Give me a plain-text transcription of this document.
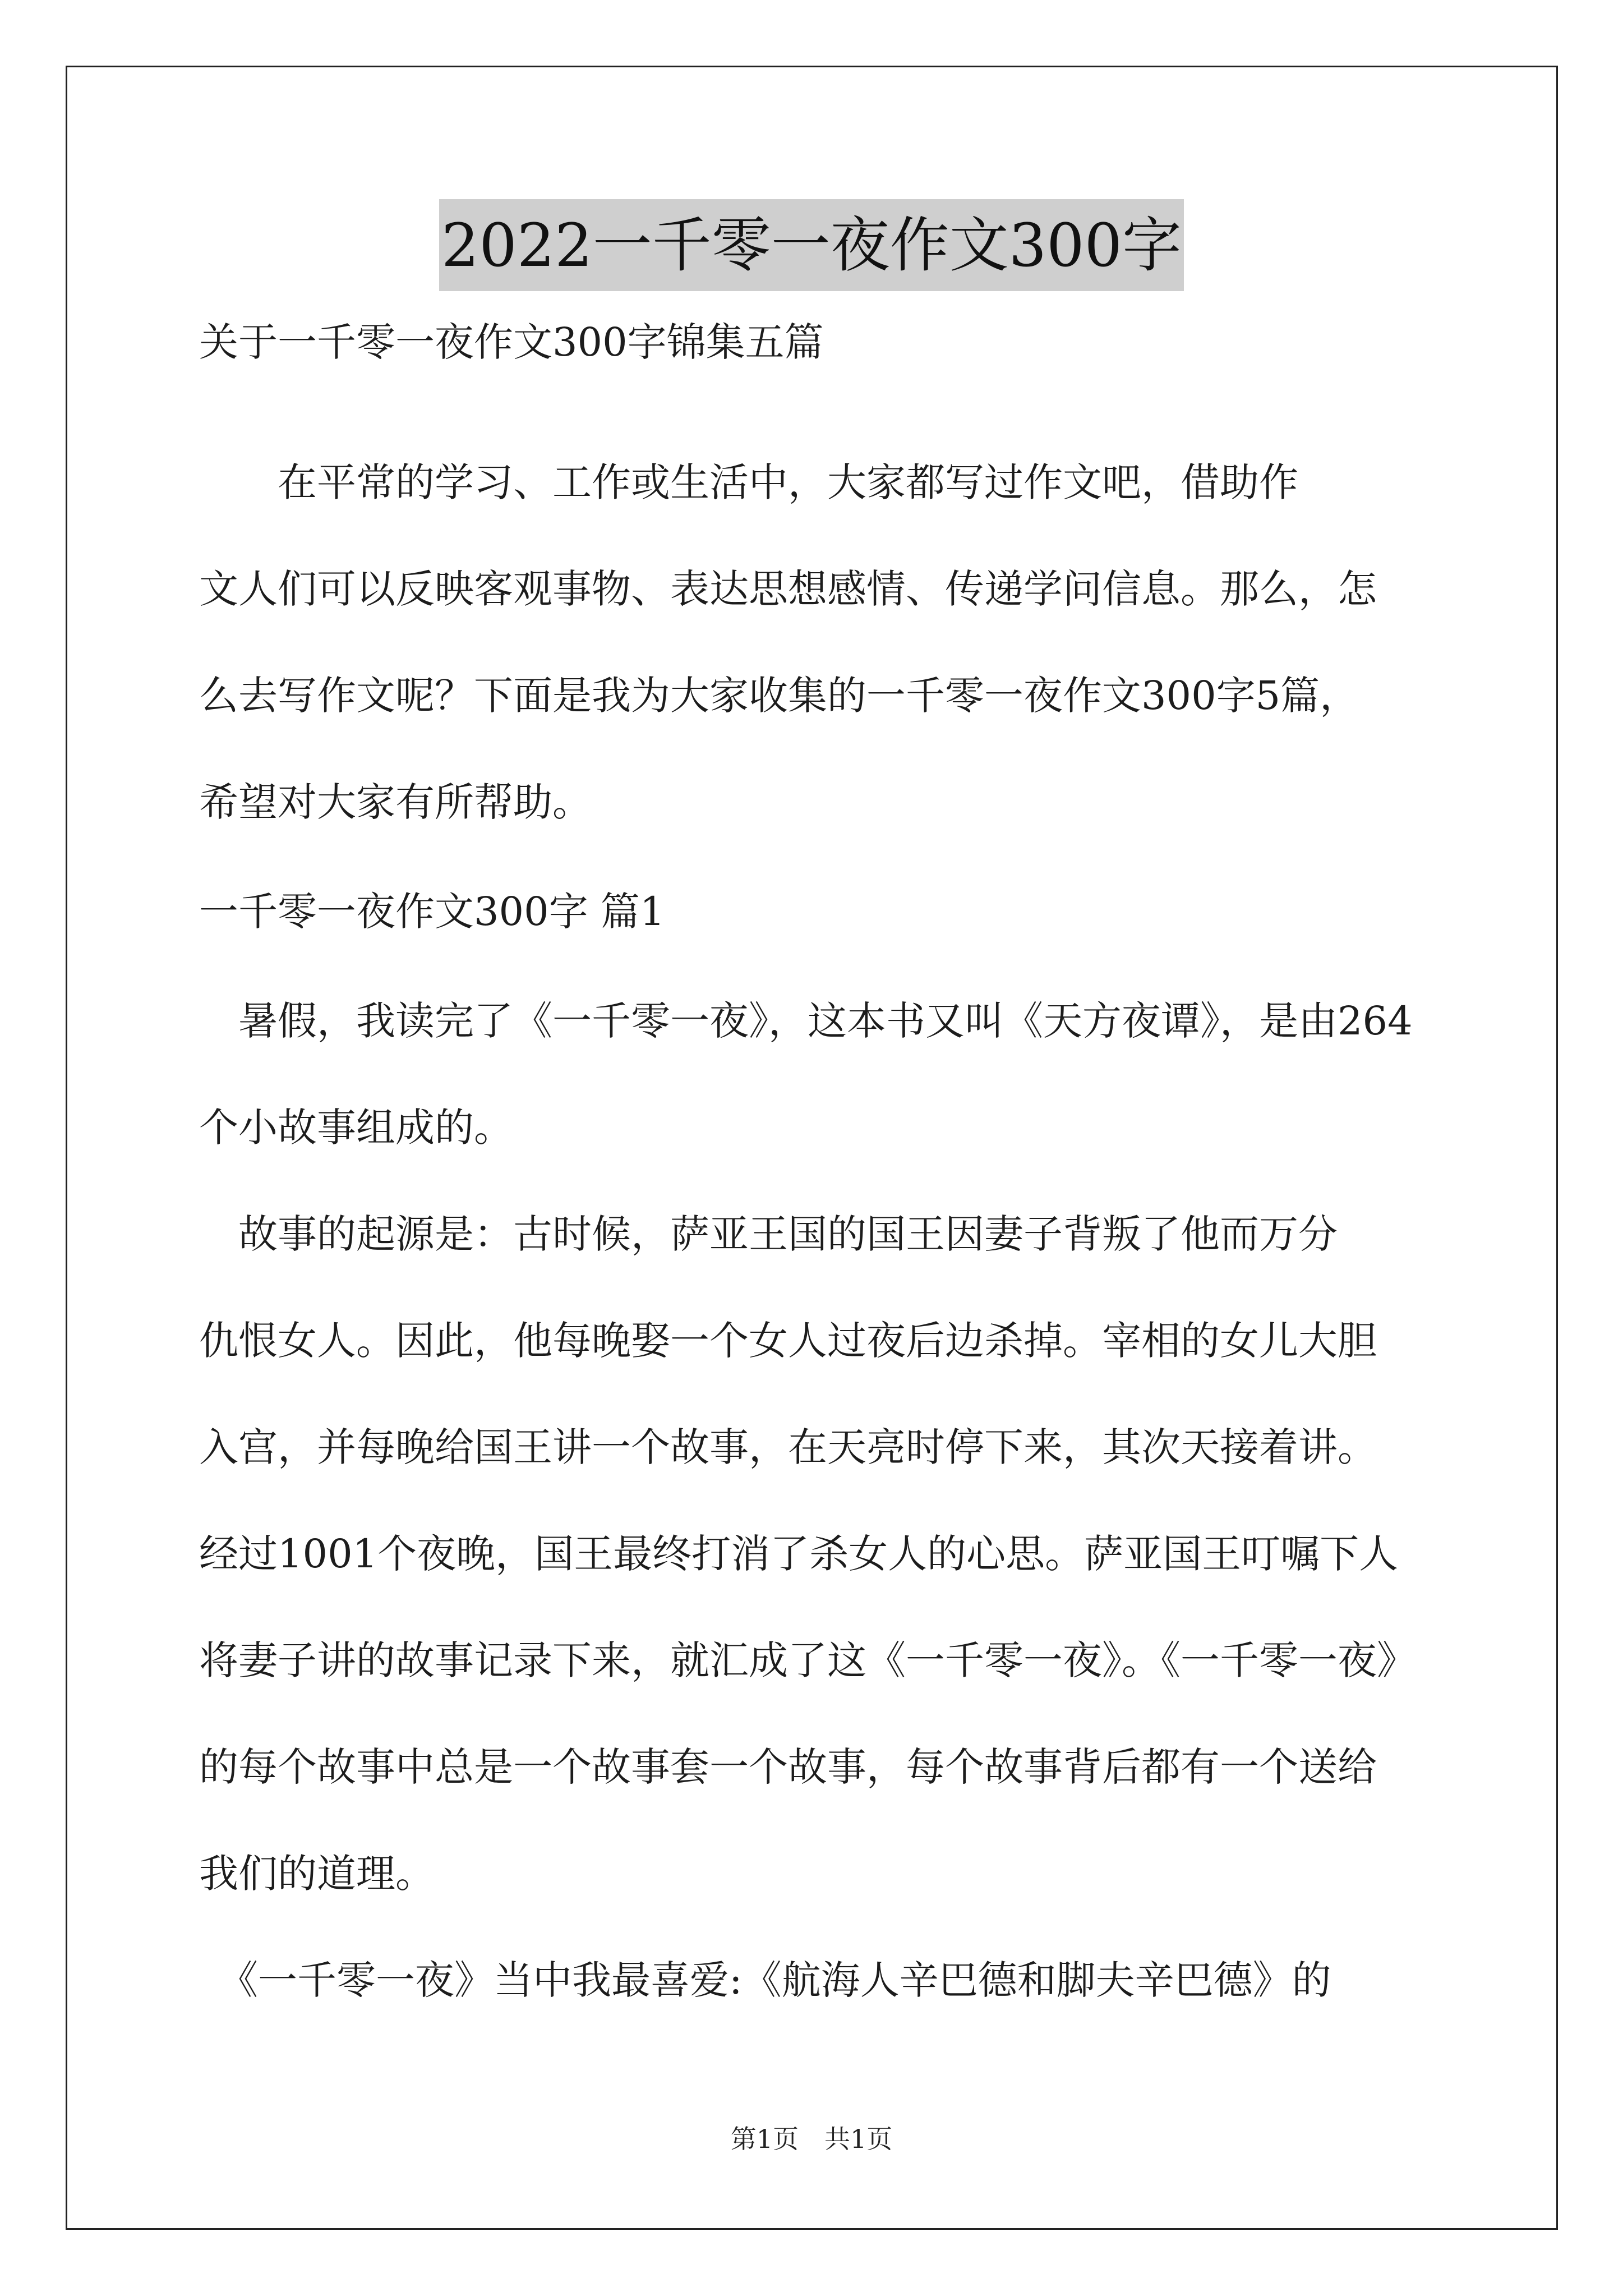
2022一千零一夜作文300字
关于一千零一夜作文300字锦集五篇
　　在平常的学习、工作或生活中，大家都写过作文吧，借助作
文人们可以反映客观事物、表达思想感情、传递学问信息。那么，怎
么去写作文呢？下面是我为大家收集的一千零一夜作文300字5篇，
希望对大家有所帮助。
一千零一夜作文300字 篇1
　暑假，我读完了《一千零一夜》，这本书又叫《天方夜谭》，是由264
个小故事组成的。
　故事的起源是：古时候，萨亚王国的国王因妻子背叛了他而万分
仇恨女人。因此，他每晚娶一个女人过夜后边杀掉。宰相的女儿大胆
入宫，并每晚给国王讲一个故事，在天亮时停下来，其次天接着讲。
经过1001个夜晚，国王最终打消了杀女人的心思。萨亚国王叮嘱下人
将妻子讲的故事记录下来，就汇成了这《一千零一夜》。《一千零一夜》
的每个故事中总是一个故事套一个故事，每个故事背后都有一个送给
我们的道理。
　《一千零一夜》当中我最喜爱:《航海人辛巴德和脚夫辛巴德》的
第1页　共1页
